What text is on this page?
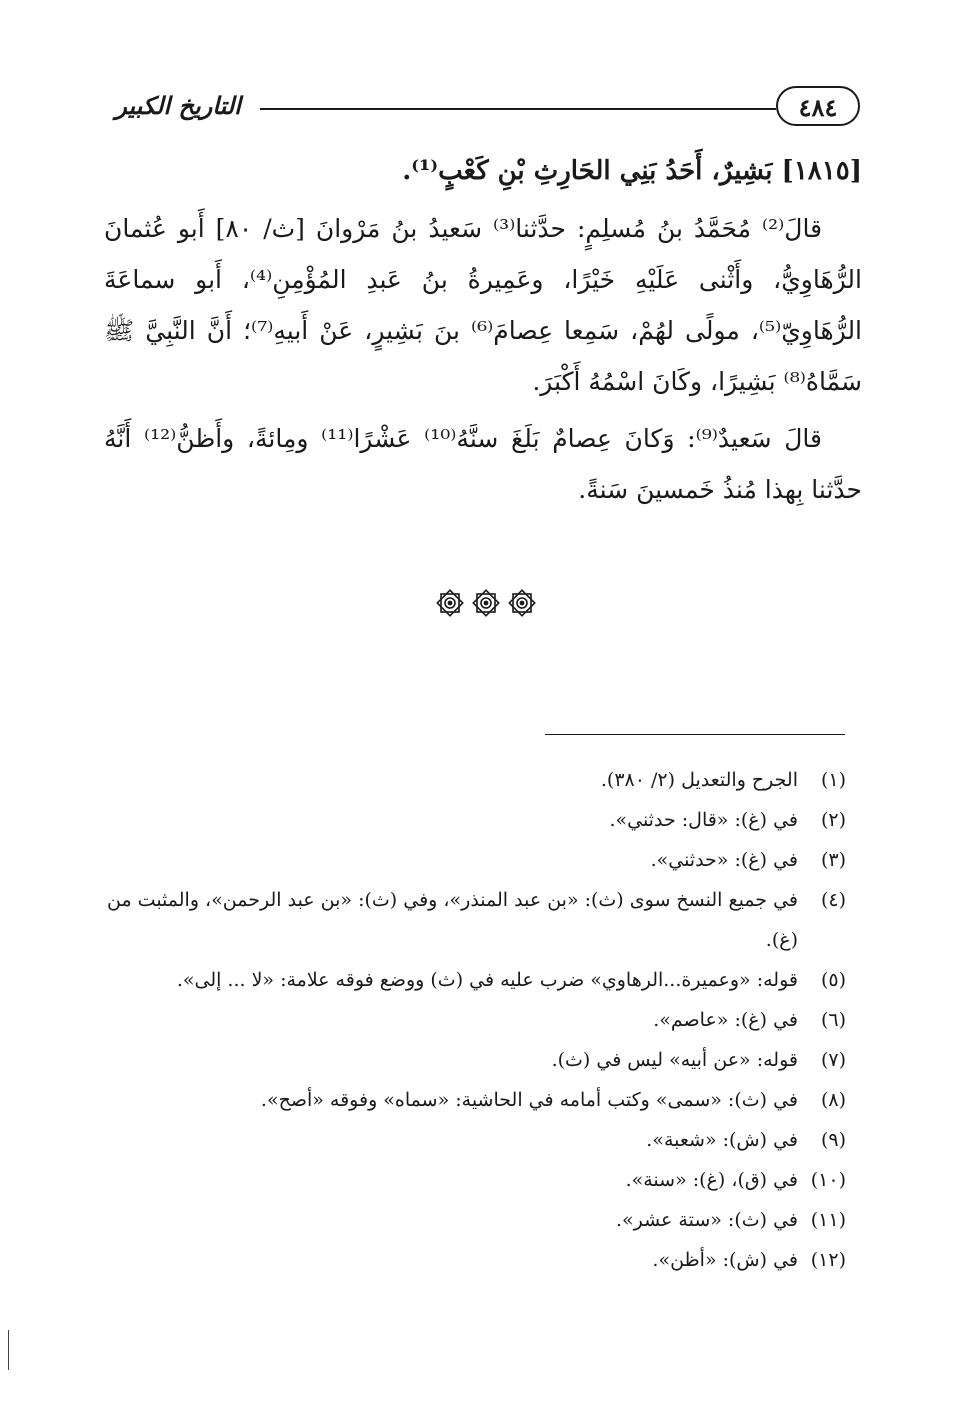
٤٨٤
التاريخ الكبير
[١٨١٥] بَشِيرٌ، أَحَدُ بَنِي الحَارِثِ بْنِ كَعْبٍ⁽¹⁾.

قالَ⁽²⁾ مُحَمَّدُ بنُ مُسلِمٍ: حدَّثنا⁽³⁾ سَعيدُ بنُ مَرْوانَ [ث/ ٨٠] أَبو عُثمانَ الرُّهَاوِيُّ، وأَثْنى عَلَيْهِ خَيْرًا، وعَمِيرةُ بنُ عَبدِ المُؤْمِنِ⁽⁴⁾، أَبو سماعَةَ الرُّهَاوِيّ⁽⁵⁾، مولًى لهُمْ، سَمِعا عِصامَ⁽⁶⁾ بنَ بَشِيرٍ، عَنْ أَبيهِ⁽⁷⁾؛ أَنَّ النَّبِيَّ ﷺ سَمَّاهُ⁽⁸⁾ بَشِيرًا، وكَانَ اسْمُهُ أَكْبَرَ.

قالَ سَعيدٌ⁽⁹⁾: وَكانَ عِصامٌ بَلَغَ سنَّهُ⁽¹⁰⁾ عَشْرًا⁽¹¹⁾ ومِائةً، وأَظنُّ⁽¹²⁾ أَنَّهُ حدَّثنا بِهذا مُنذُ خَمسينَ سَنةً.

(١)
الجرح والتعديل (٢/ ٣٨٠).
(٢)
في (غ): «قال: حدثني».
(٣)
في (غ): «حدثني».
(٤)
في جميع النسخ سوى (ث): «بن عبد المنذر»، وفي (ث): «بن عبد الرحمن»، والمثبت من (غ).
(٥)
قوله: «وعميرة...الرهاوي» ضرب عليه في (ث) ووضع فوقه علامة: «لا ... إلى».
(٦)
في (غ): «عاصم».
(٧)
قوله: «عن أبيه» ليس في (ث).
(٨)
في (ث): «سمى» وكتب أمامه في الحاشية: «سماه» وفوقه «أصح».
(٩)
في (ش): «شعبة».
(١٠)
في (ق)، (غ): «سنة».
(١١)
في (ث): «ستة عشر».
(١٢)
في (ش): «أظن».
